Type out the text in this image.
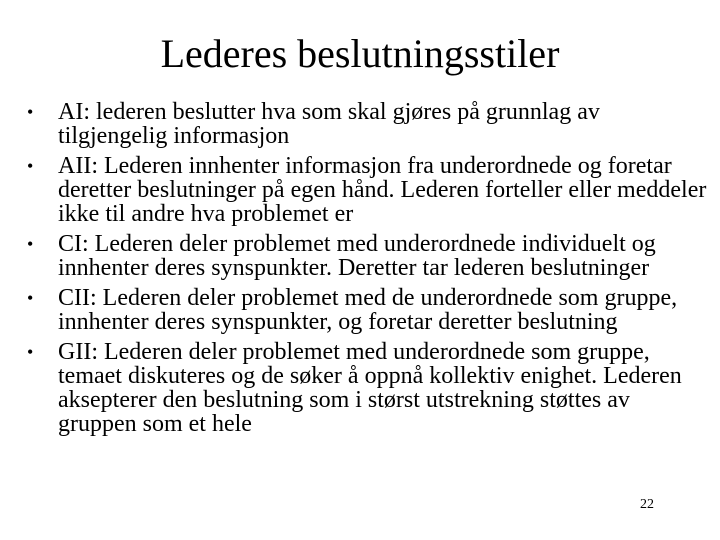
Lederes beslutningsstiler
• AI: lederen beslutter hva som skal gjøres på grunnlag av tilgjengelig informasjon
• AII: Lederen innhenter informasjon fra underordnede og foretar deretter beslutninger på egen hånd. Lederen forteller eller meddeler ikke til andre hva problemet er
• CI: Lederen deler problemet med underordnede individuelt og innhenter deres synspunkter. Deretter tar lederen beslutninger
• CII: Lederen deler problemet med de underordnede som gruppe, innhenter deres synspunkter, og foretar deretter beslutning
• GII: Lederen deler problemet med underordnede som gruppe, temaet diskuteres og de søker å oppnå kollektiv enighet. Lederen aksepterer den beslutning som i størst utstrekning støttes av gruppen som et hele
22
